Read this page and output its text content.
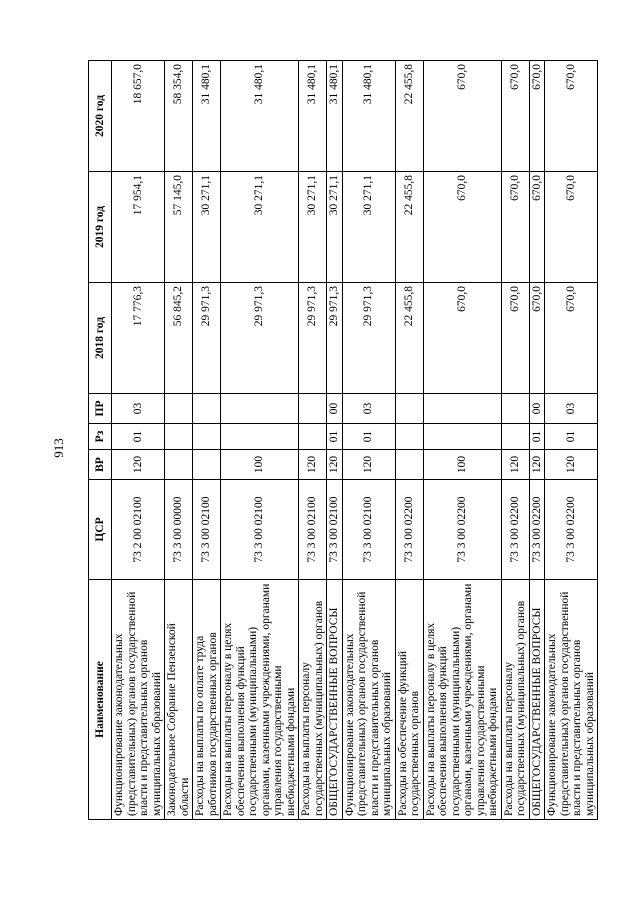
913
Наименование	ЦСР	ВР	Рз	ПР	2018 год	2019 год	2020 год
Функционирование законодательных (представительных) органов государственной власти и представительных органов муниципальных образований	73 2 00 02100	120	01	03	17 776,3	17 954,1	18 657,0
Законодательное Собрание Пензенской области	73 3 00 00000				56 845,2	57 145,0	58 354,0
Расходы на выплаты по оплате труда работников государственных органов	73 3 00 02100				29 971,3	30 271,1	31 480,1
Расходы на выплаты персоналу в целях обеспечения выполнения функций государственными (муниципальными) органами, казенными учреждениями, органами управления государственными внебюджетными фондами	73 3 00 02100	100			29 971,3	30 271,1	31 480,1
Расходы на выплаты персоналу государственных (муниципальных) органов	73 3 00 02100	120			29 971,3	30 271,1	31 480,1
ОБЩЕГОСУДАРСТВЕННЫЕ ВОПРОСЫ	73 3 00 02100	120	01	00	29 971,3	30 271,1	31 480,1
Функционирование законодательных (представительных) органов государственной власти и представительных органов муниципальных образований	73 3 00 02100	120	01	03	29 971,3	30 271,1	31 480,1
Расходы на обеспечение функций государственных органов	73 3 00 02200				22 455,8	22 455,8	22 455,8
Расходы на выплаты персоналу в целях обеспечения выполнения функций государственными (муниципальными) органами, казенными учреждениями, органами управления государственными внебюджетными фондами	73 3 00 02200	100			670,0	670,0	670,0
Расходы на выплаты персоналу государственных (муниципальных) органов	73 3 00 02200	120			670,0	670,0	670,0
ОБЩЕГОСУДАРСТВЕННЫЕ ВОПРОСЫ	73 3 00 02200	120	01	00	670,0	670,0	670,0
Функционирование законодательных (представительных) органов государственной власти и представительных органов муниципальных образований	73 3 00 02200	120	01	03	670,0	670,0	670,0
